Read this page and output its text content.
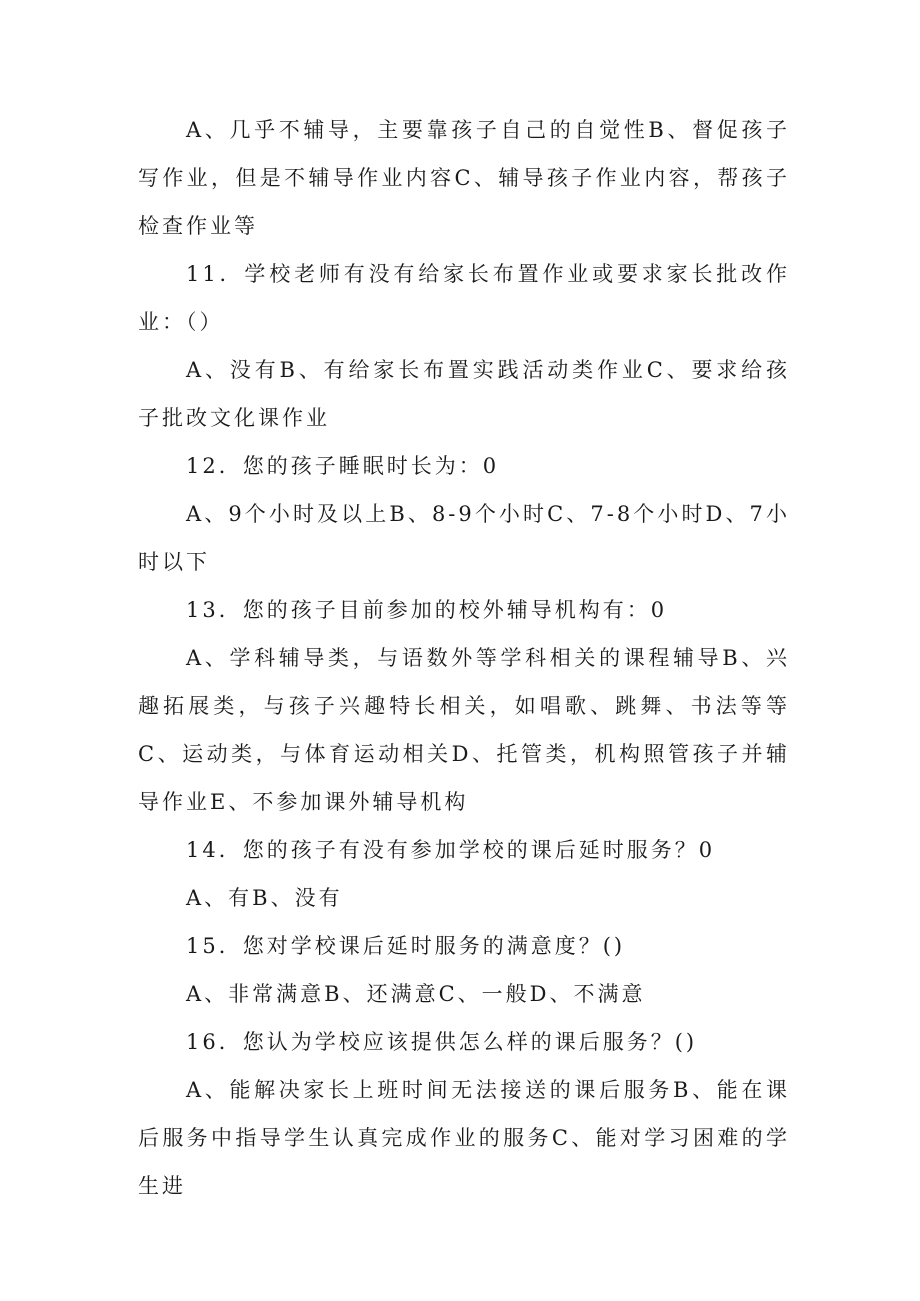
A、几乎不辅导，主要靠孩子自己的自觉性B、督促孩子写作业，但是不辅导作业内容C、辅导孩子作业内容，帮孩子检查作业等

11．学校老师有没有给家长布置作业或要求家长批改作业：（）

A、没有B、有给家长布置实践活动类作业C、要求给孩子批改文化课作业

12．您的孩子睡眠时长为：0

A、9个小时及以上B、8-9个小时C、7-8个小时D、7小时以下

13．您的孩子目前参加的校外辅导机构有：0

A、学科辅导类，与语数外等学科相关的课程辅导B、兴趣拓展类，与孩子兴趣特长相关，如唱歌、跳舞、书法等等C、运动类，与体育运动相关D、托管类，机构照管孩子并辅导作业E、不参加课外辅导机构

14．您的孩子有没有参加学校的课后延时服务？0

A、有B、没有

15．您对学校课后延时服务的满意度？()

A、非常满意B、还满意C、一般D、不满意

16．您认为学校应该提供怎么样的课后服务？()

A、能解决家长上班时间无法接送的课后服务B、能在课后服务中指导学生认真完成作业的服务C、能对学习困难的学生进
